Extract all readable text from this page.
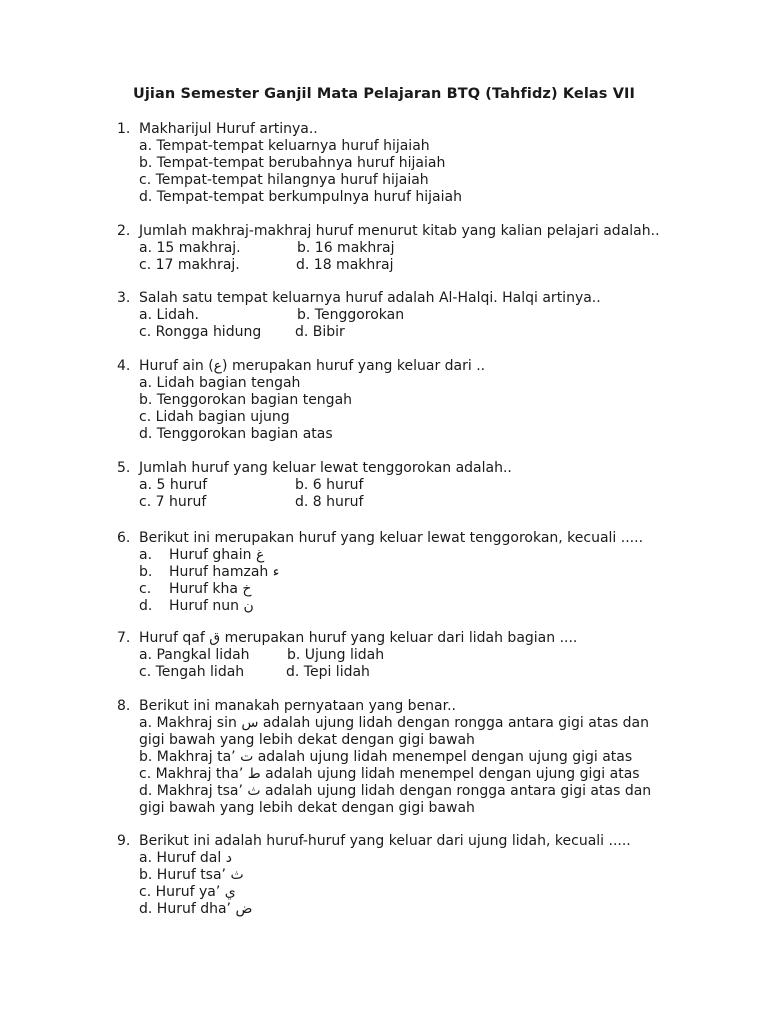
Ujian Semester Ganjil Mata Pelajaran BTQ (Tahfidz) Kelas VII
1. Makharijul Huruf artinya..
a. Tempat-tempat keluarnya huruf hijaiah
b. Tempat-tempat berubahnya huruf hijaiah
c. Tempat-tempat hilangnya huruf hijaiah
d. Tempat-tempat berkumpulnya huruf hijaiah
2. Jumlah makhraj-makhraj huruf menurut kitab yang kalian pelajari adalah..
a. 15 makhraj.	b. 16 makhraj
c. 17 makhraj.	d. 18 makhraj
3. Salah satu tempat keluarnya huruf adalah Al-Halqi. Halqi artinya..
a. Lidah.	b. Tenggorokan
c. Rongga hidung d. Bibir
4. Huruf ain (ع) merupakan huruf yang keluar dari ..
a. Lidah bagian tengah
b. Tenggorokan bagian tengah
c. Lidah bagian ujung
d. Tenggorokan bagian atas
5. Jumlah huruf yang keluar lewat tenggorokan adalah..
a. 5 huruf	b. 6 huruf
c. 7 huruf	d. 8 huruf
6. Berikut ini merupakan huruf yang keluar lewat tenggorokan, kecuali .....
a. Huruf ghain غ
b. Huruf hamzah ء
c. Huruf kha خ
d. Huruf nun ن
7. Huruf qaf ق merupakan huruf yang keluar dari lidah bagian ....
a. Pangkal lidah	b. Ujung lidah
c. Tengah lidah	d. Tepi lidah
8. Berikut ini manakah pernyataan yang benar..
a. Makhraj sin س adalah ujung lidah dengan rongga antara gigi atas dan gigi bawah yang lebih dekat dengan gigi bawah
b. Makhraj ta’ ت adalah ujung lidah menempel dengan ujung gigi atas
c. Makhraj tha’ ط adalah ujung lidah menempel dengan ujung gigi atas
d. Makhraj tsa’ ث adalah ujung lidah dengan rongga antara gigi atas dan gigi bawah yang lebih dekat dengan gigi bawah
9. Berikut ini adalah huruf-huruf yang keluar dari ujung lidah, kecuali .....
a. Huruf dal د
b. Huruf tsa’ ث
c. Huruf ya’ ي
d. Huruf dha’ ض
